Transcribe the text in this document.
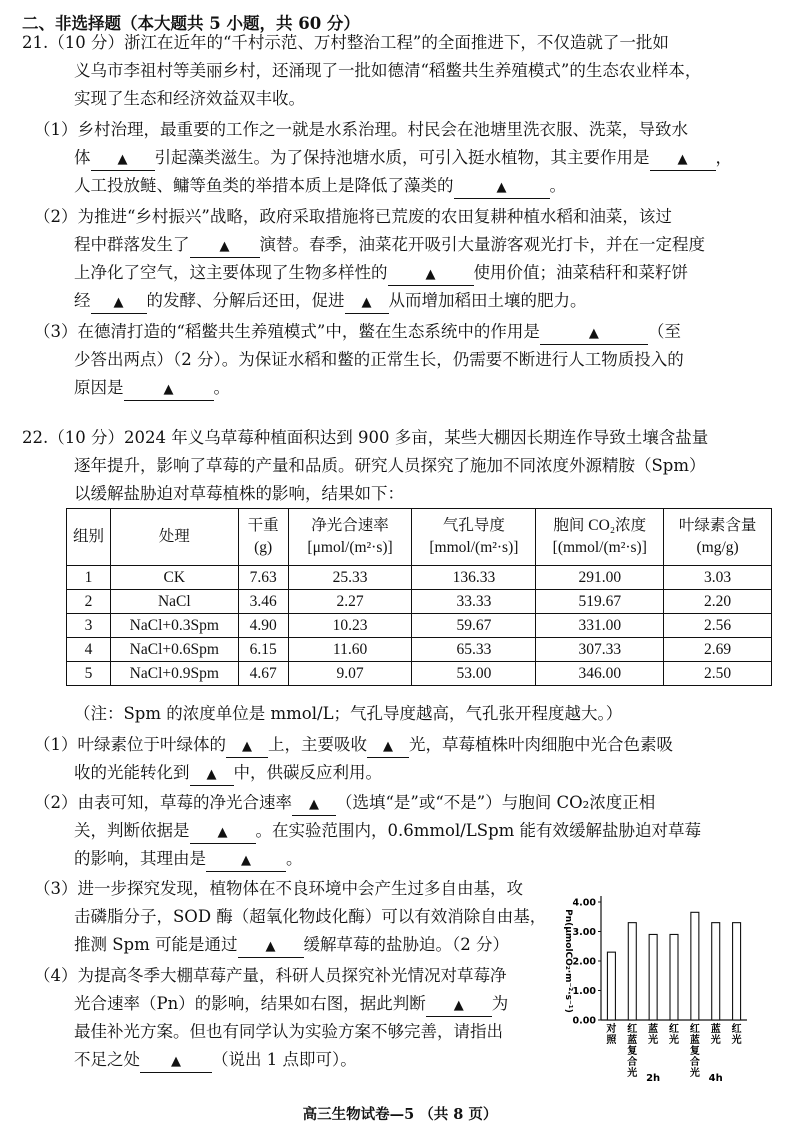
二、非选择题（本大题共 5 小题，共 60 分）
21.（10 分）浙江在近年的“千村示范、万村整治工程”的全面推进下，不仅造就了一批如
义乌市李祖村等美丽乡村，还涌现了一批如德清“稻鳖共生养殖模式”的生态农业样本，
实现了生态和经济效益双丰收。
（1）乡村治理，最重要的工作之一就是水系治理。村民会在池塘里洗衣服、洗菜，导致水
体 ▲ 引起藻类滋生。为了保持池塘水质，可引入挺水植物，其主要作用是 ▲ ，
人工投放鲢、鳙等鱼类的举措本质上是降低了藻类的	▲	。
（2）为推进“乡村振兴”战略，政府采取措施将已荒废的农田复耕种植水稻和油菜，该过
程中群落发生了 ▲ 演替。春季，油菜花开吸引大量游客观光打卡，并在一定程度
上净化了空气，这主要体现了生物多样性的	▲ 使用价值；油菜秸秆和菜籽饼
经 ▲ 的发酵、分解后还田，促进 ▲ 从而增加稻田土壤的肥力。
（3）在德清打造的“稻鳖共生养殖模式”中，鳖在生态系统中的作用是	▲	（至
少答出两点）（2 分）。为保证水稻和鳖的正常生长，仍需要不断进行人工物质投入的
原因是	▲ 。
22.（10 分）2024 年义乌草莓种植面积达到 900 多亩，某些大棚因长期连作导致土壤含盐量
逐年提升，影响了草莓的产量和品质。研究人员探究了施加不同浓度外源精胺（Spm）
以缓解盐胁迫对草莓植株的影响，结果如下：
组别	处理	干重(g)	净光合速率[μmol/(m²·s)]	气孔导度[mmol/(m²·s)]	胞间 CO₂浓度[(mmol/(m²·s)]	叶绿素含量(mg/g)
1	CK	7.63	25.33	136.33	291.00	3.03
2	NaCl	3.46	2.27	33.33	519.67	2.20
3	NaCl+0.3Spm	4.90	10.23	59.67	331.00	2.56
4	NaCl+0.6Spm	6.15	11.60	65.33	307.33	2.69
5	NaCl+0.9Spm	4.67	9.07	53.00	346.00	2.50
（注：Spm 的浓度单位是 mmol/L；气孔导度越高，气孔张开程度越大。）
（1）叶绿素位于叶绿体的 ▲ 上，主要吸收 ▲ 光，草莓植株叶肉细胞中光合色素吸
收的光能转化到 ▲ 中，供碳反应利用。
（2）由表可知，草莓的净光合速率 ▲ （选填“是”或“不是”）与胞间 CO₂浓度正相
关，判断依据是 ▲ 。在实验范围内，0.6mmol/LSpm 能有效缓解盐胁迫对草莓
的影响，其理由是	▲ 。
（3）进一步探究发现，植物体在不良环境中会产生过多自由基，攻
击磷脂分子，SOD 酶（超氧化物歧化酶）可以有效消除自由基，
推测 Spm 可能是通过 ▲ 缓解草莓的盐胁迫。（2 分）
（4）为提高冬季大棚草莓产量，科研人员探究补光情况对草莓净
光合速率（Pn）的影响，结果如右图，据此判断 ▲ 为
最佳补光方案。但也有同学认为实验方案不够完善，请指出
不足之处 ▲ （说出 1 点即可）。
0.00
1.00
2.00
3.00
4.00
Pn(μmolCO₂·m⁻²·s⁻¹)
对
照
红
蓝
复
合
光
蓝
光
红
光
红
蓝
复
合
光
蓝
光
红
光
2h	4h
高三生物试卷—5 （共 8 页）
